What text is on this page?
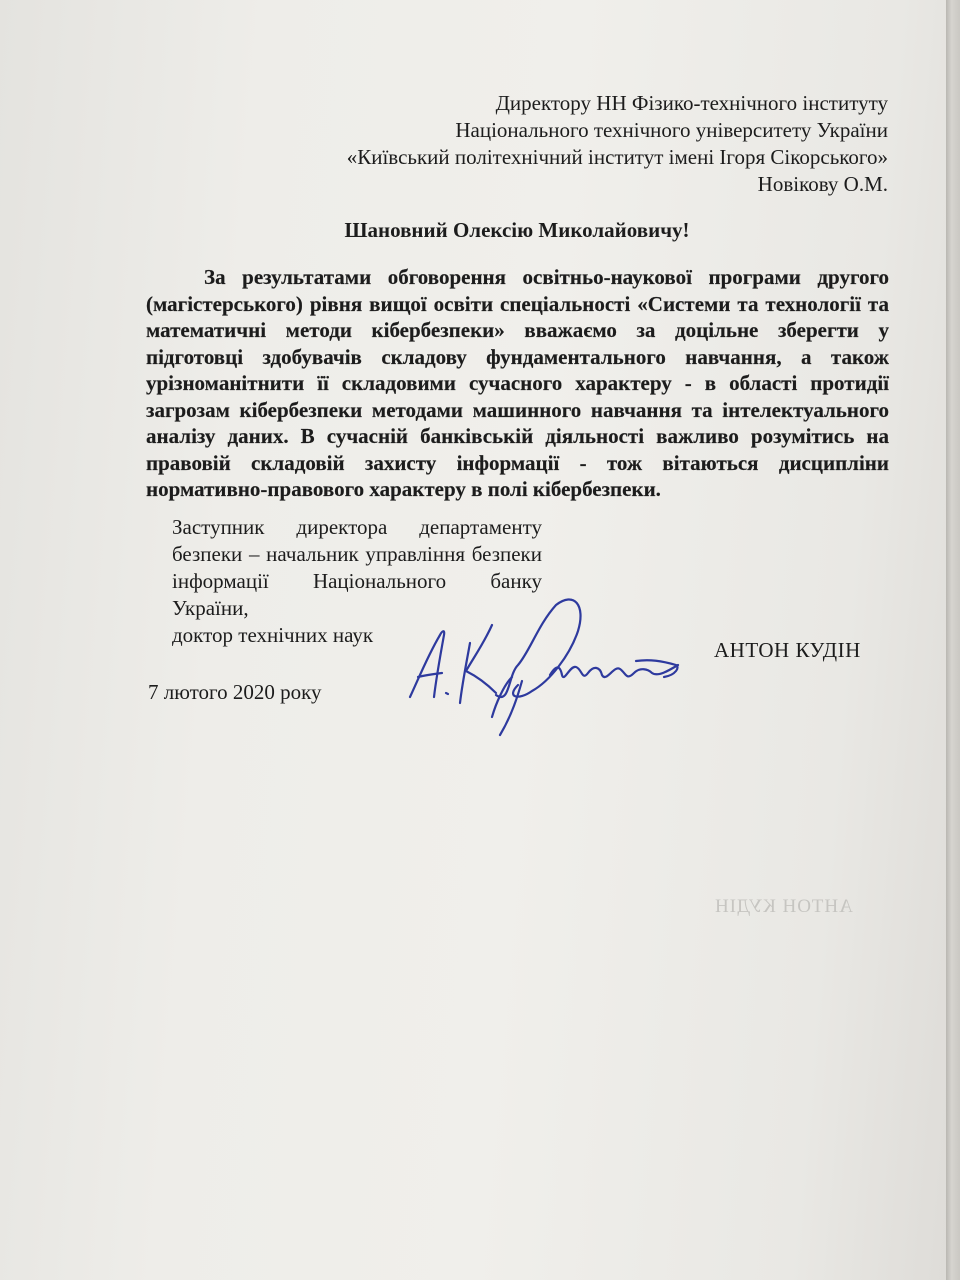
Директору НН Фізико-технічного інституту
Національного технічного університету України
«Київський політехнічний інститут імені Ігоря Сікорського»
Новікову О.М.
Шановний Олексію Миколайовичу!
За результатами обговорення освітньо-наукової програми другого (магістерського) рівня вищої освіти спеціальності «Системи та технології та математичні методи кібербезпеки» вважаємо за доцільне зберегти у підготовці здобувачів складову фундаментального навчання, а також урізноманітнити її складовими сучасного характеру - в області протидії загрозам кібербезпеки методами машинного навчання та інтелектуального аналізу даних. В сучасній банківській діяльності важливо розумітись на правовій складовій захисту інформації - тож вітаються дисципліни нормативно-правового характеру в полі кібербезпеки.
Заступник директора департаменту
безпеки – начальник управління безпеки
інформації Національного банку
України,
доктор технічних наук
АНТОН КУДІН
7 лютого 2020 року
АНТОН КУДІН
